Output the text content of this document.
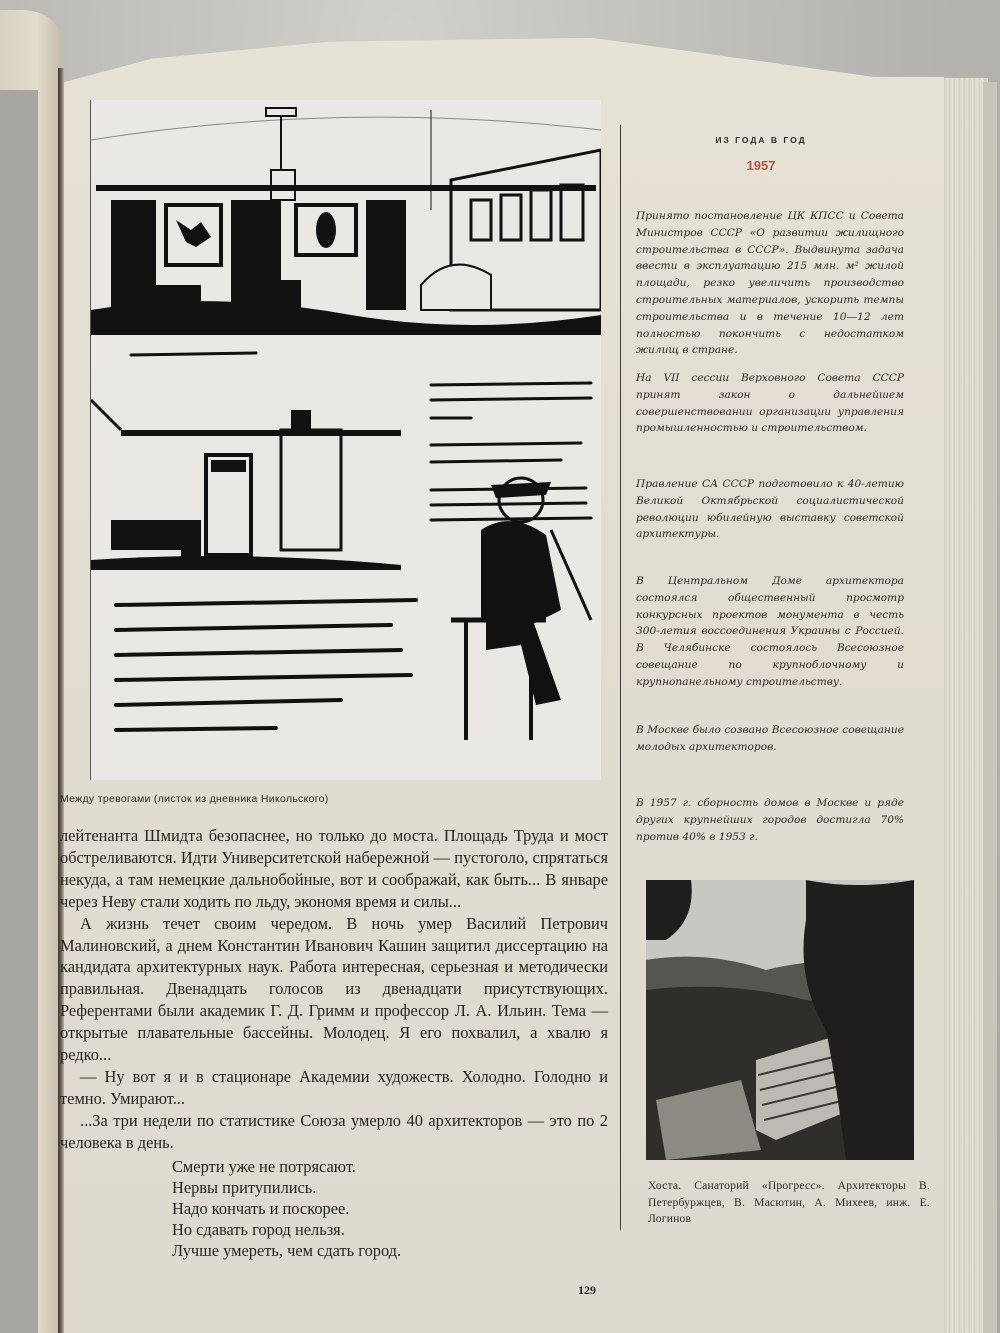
Между тревогами (листок из дневника Никольского)
ИЗ ГОДА В ГОД
1957
Принято постановление ЦК КПСС и Совета Министров СССР «О развитии жилищного строительства в СССР». Выдвинута задача ввести в эксплуатацию 215 млн. м² жилой площади, резко увеличить производство строительных материалов, ускорить темпы строительства и в течение 10—12 лет полностью покончить с недостатком жилищ в стране.
На VII сессии Верховного Совета СССР принят закон о дальнейшем совершенствовании организации управления промышленностью и строительством.
Правление СА СССР подготовило к 40-летию Великой Октябрьской социалистической революции юбилейную выставку советской архитектуры.
В Центральном Доме архитектора состоялся общественный просмотр конкурсных проектов монумента в честь 300-летия воссоединения Украины с Россией. В Челябинске состоялось Всесоюзное совещание по крупноблочному и крупнопанельному строительству.
В Москве было созвано Всесоюзное совещание молодых архитекторов.
В 1957 г. сборность домов в Москве и ряде других крупнейших городов достигла 70% против 40% в 1953 г.
Хоста. Санаторий «Прогресс». Архитекторы В. Петербуржцев, В. Масютин, А. Михеев, инж. Е. Логинов

лейтенанта Шмидта безопаснее, но только до моста. Площадь Труда и мост обстреливаются. Идти Университетской набережной — пустоголо, спрятаться некуда, а там немецкие дальнобойные, вот и соображай, как быть... В январе через Неву стали ходить по льду, экономя время и силы...

А жизнь течет своим чередом. В ночь умер Василий Петрович Малиновский, а днем Константин Иванович Кашин защитил диссертацию на кандидата архитектурных наук. Работа интересная, серьезная и методически правильная. Двенадцать голосов из двенадцати присутствующих. Референтами были академик Г. Д. Гримм и профессор Л. А. Ильин. Тема — открытые плавательные бассейны. Молодец. Я его похвалил, а хвалю я редко...

— Ну вот я и в стационаре Академии художеств. Холодно. Голодно и темно. Умирают...

...За три недели по статистике Союза умерло 40 архитекторов — это по 2 человека в день.

Смерти уже не потрясают.
Нервы притупились.
Надо кончать и поскорее.
Но сдавать город нельзя.
Лучше умереть, чем сдать город.
129
